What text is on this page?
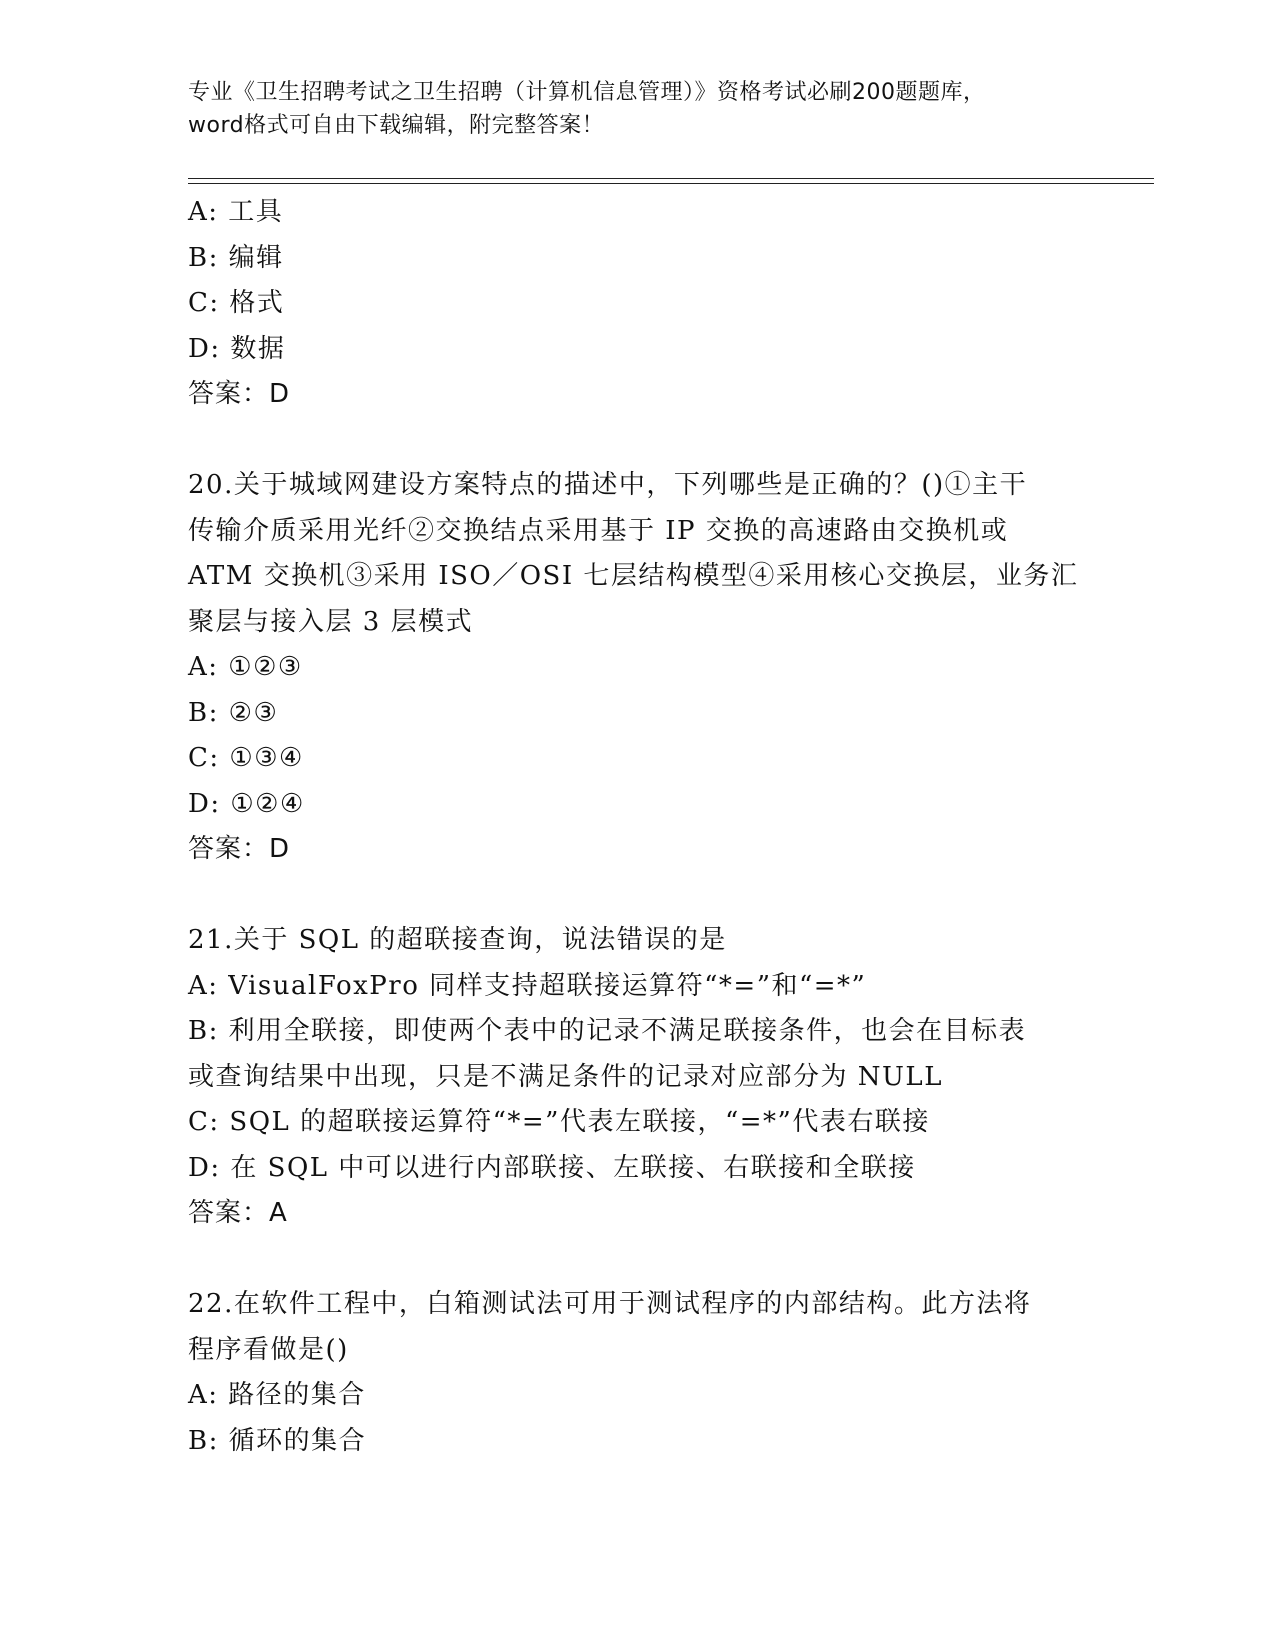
专业《卫生招聘考试之卫生招聘（计算机信息管理）》资格考试必刷200题题库，
word格式可自由下载编辑，附完整答案！
A: 工具
B: 编辑
C: 格式
D: 数据
答案：D
20.关于城域网建设方案特点的描述中，下列哪些是正确的？()①主干
传输介质采用光纤②交换结点采用基于 IP 交换的高速路由交换机或
ATM 交换机③采用 ISO／OSI 七层结构模型④采用核心交换层，业务汇
聚层与接入层 3 层模式
A: ①②③
B: ②③
C: ①③④
D: ①②④
答案：D
21.关于 SQL 的超联接查询，说法错误的是
A: VisualFoxPro 同样支持超联接运算符“*=”和“=*”
B: 利用全联接，即使两个表中的记录不满足联接条件，也会在目标表
或查询结果中出现，只是不满足条件的记录对应部分为 NULL
C: SQL 的超联接运算符“*=”代表左联接，“=*”代表右联接
D: 在 SQL 中可以进行内部联接、左联接、右联接和全联接
答案：A
22.在软件工程中，白箱测试法可用于测试程序的内部结构。此方法将
程序看做是()
A: 路径的集合
B: 循环的集合
